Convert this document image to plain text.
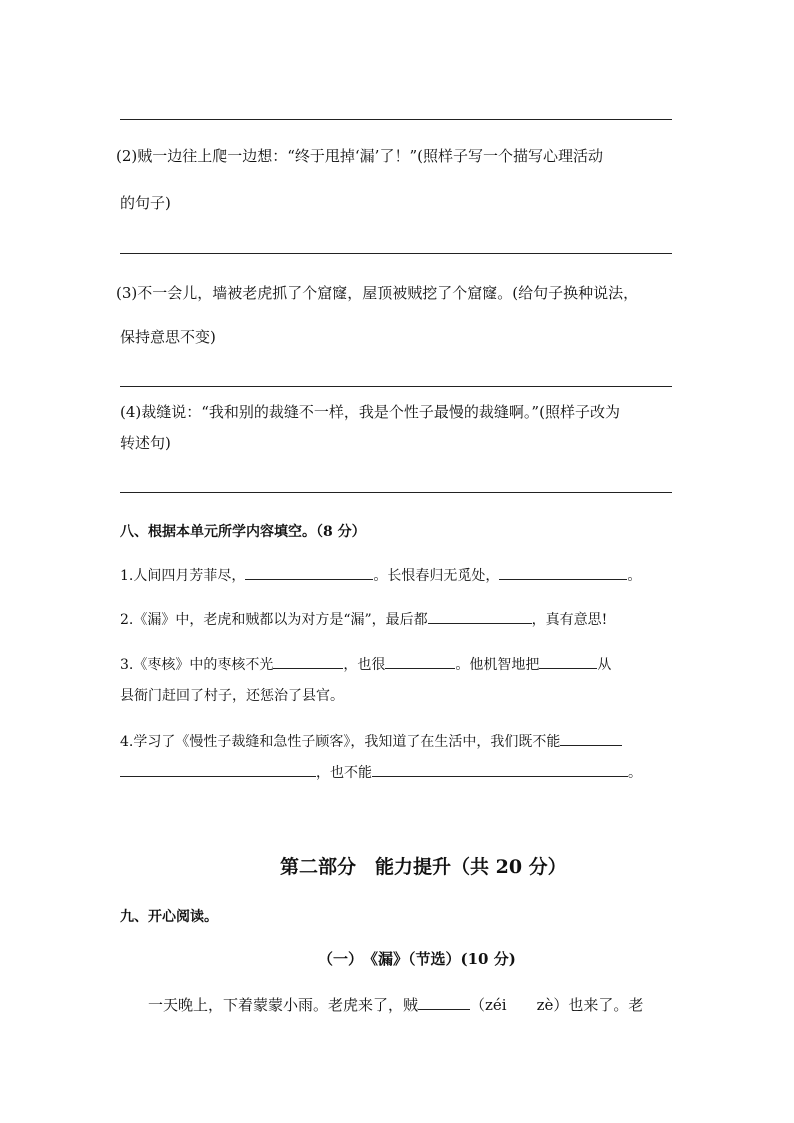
(2)贼一边往上爬一边想：“终于甩掉‘漏’了！”(照样子写一个描写心理活动
的句子)
(3)不一会儿，墙被老虎抓了个窟窿，屋顶被贼挖了个窟窿。(给句子换种说法，
保持意思不变)
(4)裁缝说：“我和别的裁缝不一样，我是个性子最慢的裁缝啊。”(照样子改为
转述句)
八、根据本单元所学内容填空。（8 分）
1.人间四月芳菲尽，	。长恨春归无觅处，	。
2.《漏》中，老虎和贼都以为对方是“漏”，最后都	，真有意思!
3.《枣核》中的枣核不光	，也很	。他机智地把	从
县衙门赶回了村子，还惩治了县官。
4.学习了《慢性子裁缝和急性子顾客》，我知道了在生活中，我们既不能
，也不能	。
第二部分　能力提升（共 20 分）
九、开心阅读。
（一）　《漏》（节选）(10 分)
一天晚上，下着蒙蒙小雨。老虎来了，贼	（zéi　　zè）也来了。老
